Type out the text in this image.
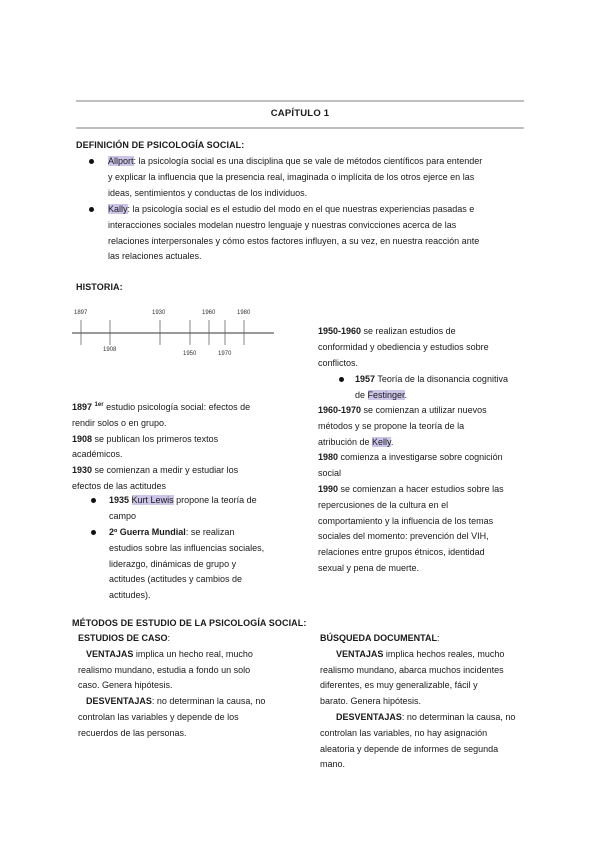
CAPÍTULO 1
DEFINICIÓN DE PSICOLOGÍA SOCIAL:
Allport: la psicología social es una disciplina que se vale de métodos científicos para entender
y explicar la influencia que la presencia real, imaginada o implícita de los otros ejerce en las
ideas, sentimientos y conductas de los individuos.
Kally: la psicología social es el estudio del modo en el que nuestras experiencias pasadas e
interacciones sociales modelan nuestro lenguaje y nuestras convicciones acerca de las
relaciones interpersonales y cómo estos factores influyen, a su vez, en nuestra reacción ante
las relaciones actuales.
HISTORIA:
1897	1930	1960	1980
1908
1950	1970
1897 $^{1er}$ estudio psicología social: efectos de
rendir solos o en grupo.
1908 se publican los primeros textos
académicos.
1930 se comienzan a medir y estudiar los
efectos de las actitudes
1935 Kurt Lewis propone la teoría de
campo
2º Guerra Mundial: se realizan
estudios sobre las influencias sociales,
liderazgo, dinámicas de grupo y
actitudes (actitudes y cambios de
actitudes).
1950-1960 se realizan estudios de
conformidad y obediencia y estudios sobre
conflictos.
1957 Teoría de la disonancia cognitiva
de Festinger.
1960-1970 se comienzan a utilizar nuevos
métodos y se propone la teoría de la
atribución de Kelly.
1980 comienza a investigarse sobre cognición
social
1990 se comienzan a hacer estudios sobre las
repercusiones de la cultura en el
comportamiento y la influencia de los temas
sociales del momento: prevención del VIH,
relaciones entre grupos étnicos, identidad
sexual y pena de muerte.
MÉTODOS DE ESTUDIO DE LA PSICOLOGÍA SOCIAL:
ESTUDIOS DE CASO:
VENTAJAS implica un hecho real, mucho
realismo mundano, estudia a fondo un solo
caso. Genera hipótesis.
DESVENTAJAS: no determinan la causa, no
controlan las variables y depende de los
recuerdos de las personas.
BÚSQUEDA DOCUMENTAL:
VENTAJAS implica hechos reales, mucho
realismo mundano, abarca muchos incidentes
diferentes, es muy generalizable, fácil y
barato. Genera hipótesis.
DESVENTAJAS: no determinan la causa, no
controlan las variables, no hay asignación
aleatoria y depende de informes de segunda
mano.
